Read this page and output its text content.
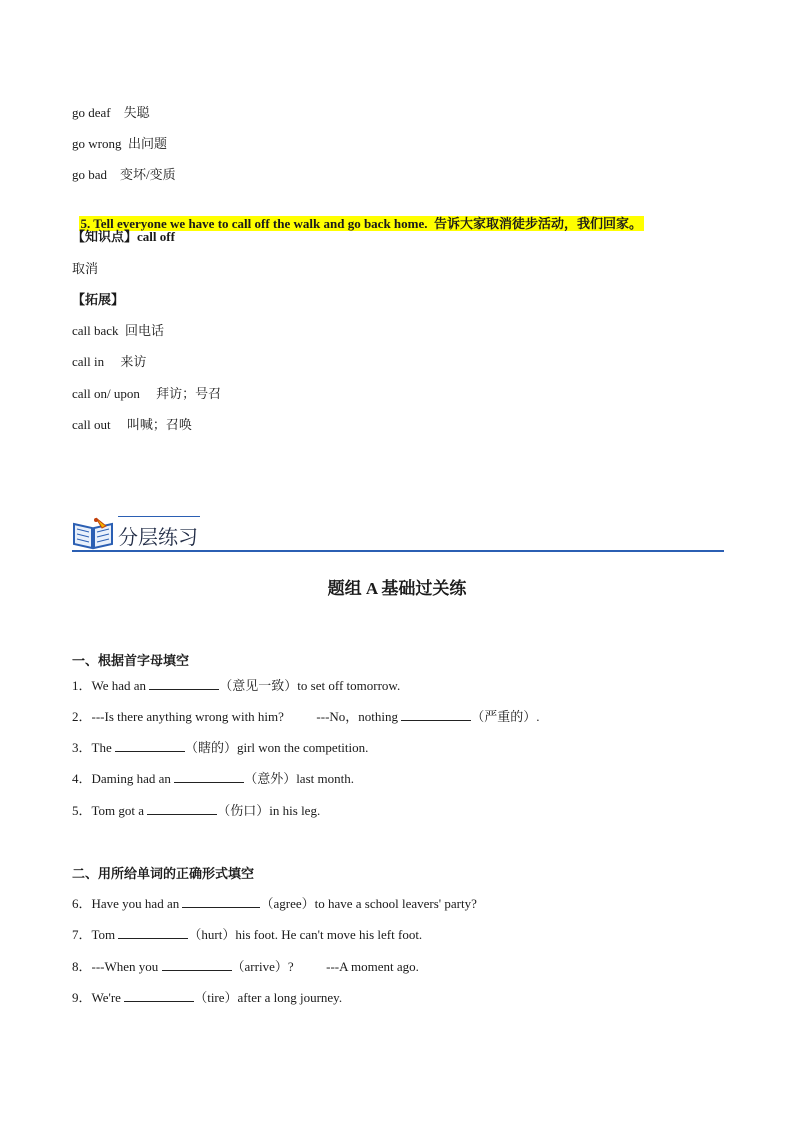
go deaf    失聪
go wrong  出问题
go bad    变坏/变质

5. Tell everyone we have to call off the walk and go back home.  告诉大家取消徒步活动，我们回家。

【知识点】call off
取消
【拓展】
call back  回电话
call in     来访
call on/ upon     拜访；号召
call out     叫喊；召唤
分层练习
题组 A 基础过关练
一、根据首字母填空
1．We had an	（意见一致）to set off tomorrow.
2．---Is there anything wrong with him?          ---No，nothing	（严重的）.
3．The	（瞎的）girl won the competition.
4．Daming had an	（意外）last month.
5．Tom got a	（伤口）in his leg.
二、用所给单词的正确形式填空
6．Have you had an	（agree）to have a school leavers' party?
7．Tom	（hurt）his foot. He can't move his left foot.
8．---When you	（arrive）?          ---A moment ago.
9．We're	（tire）after a long journey.
